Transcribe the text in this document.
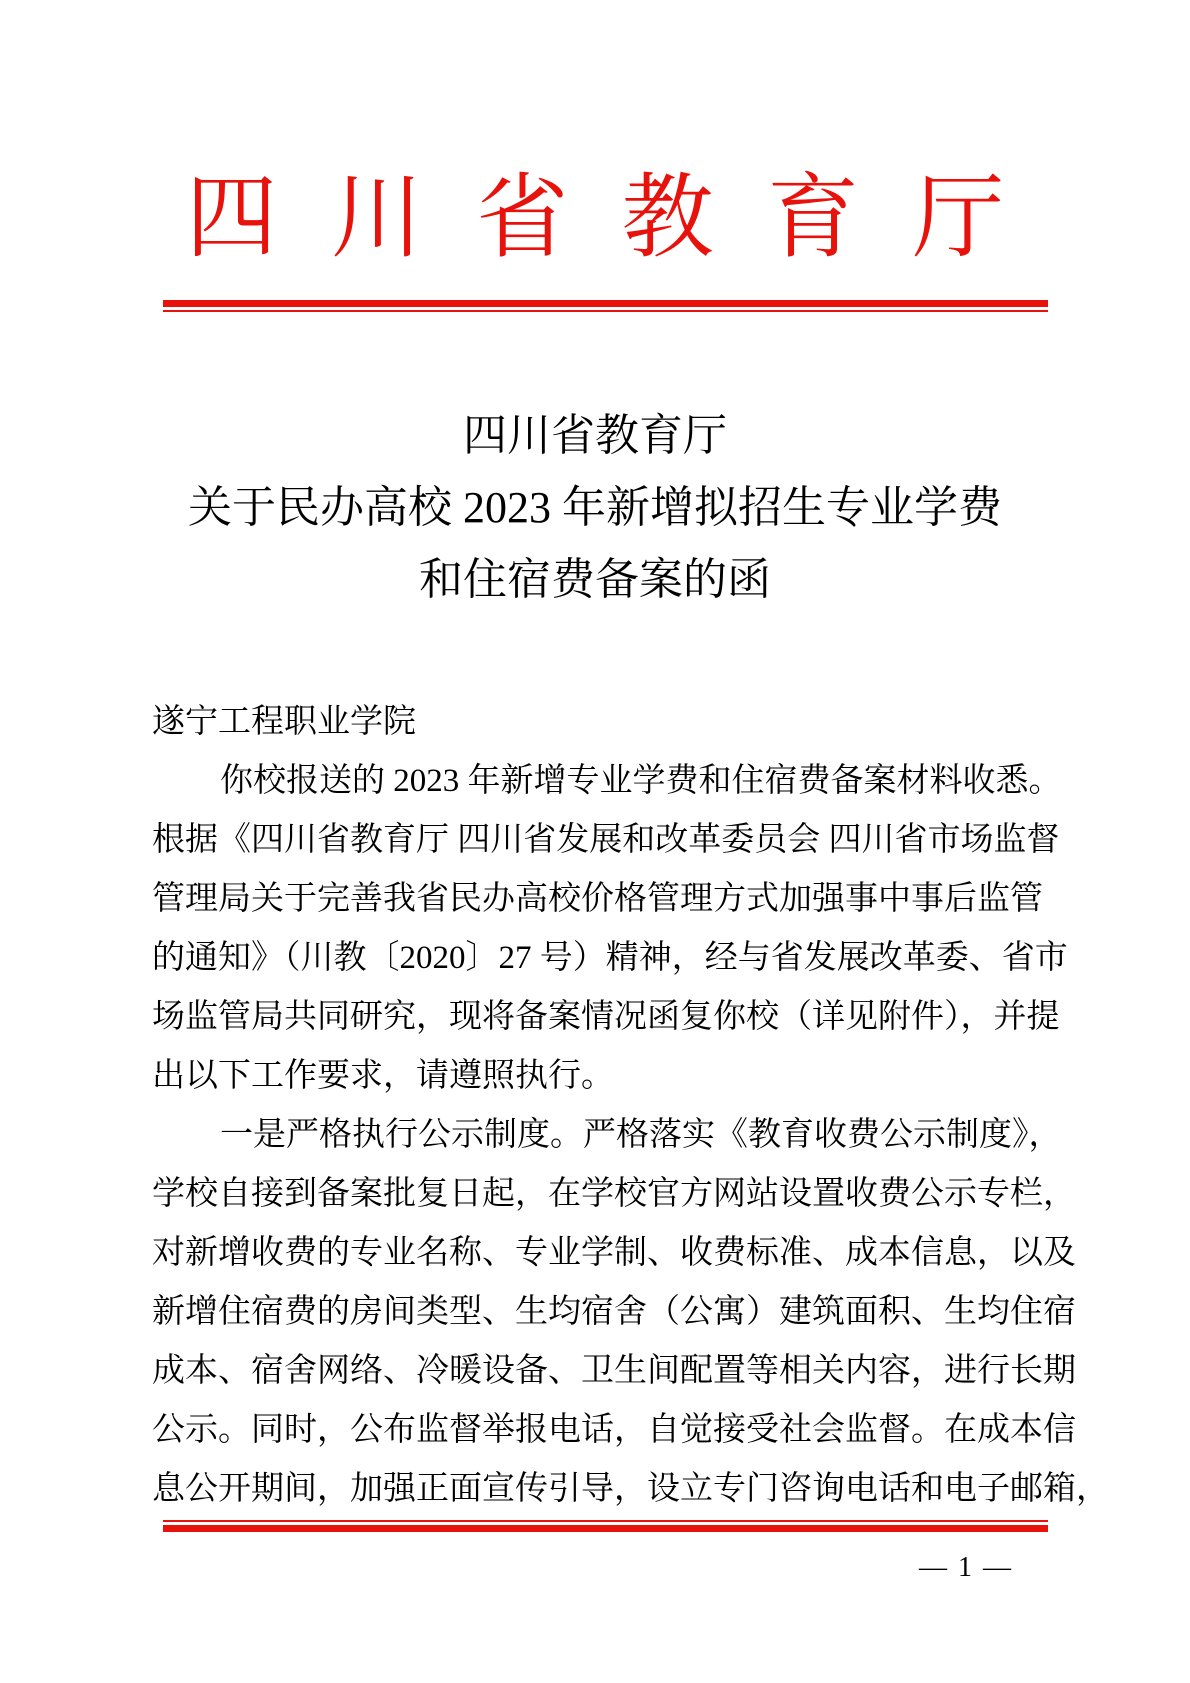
四川省教育厅
四川省教育厅
关于民办高校 2023 年新增拟招生专业学费
和住宿费备案的函
遂宁工程职业学院
你校报送的 2023 年新增专业学费和住宿费备案材料收悉。
根据《四川省教育厅 四川省发展和改革委员会 四川省市场监督
管理局关于完善我省民办高校价格管理方式加强事中事后监管
的通知》（川教〔2020〕27 号）精神，经与省发展改革委、省市
场监管局共同研究，现将备案情况函复你校（详见附件），并提
出以下工作要求，请遵照执行。
一是严格执行公示制度。严格落实《教育收费公示制度》，
学校自接到备案批复日起，在学校官方网站设置收费公示专栏，
对新增收费的专业名称、专业学制、收费标准、成本信息，以及
新增住宿费的房间类型、生均宿舍（公寓）建筑面积、生均住宿
成本、宿舍网络、冷暖设备、卫生间配置等相关内容，进行长期
公示。同时，公布监督举报电话，自觉接受社会监督。在成本信
息公开期间，加强正面宣传引导，设立专门咨询电话和电子邮箱，
— 1 —
